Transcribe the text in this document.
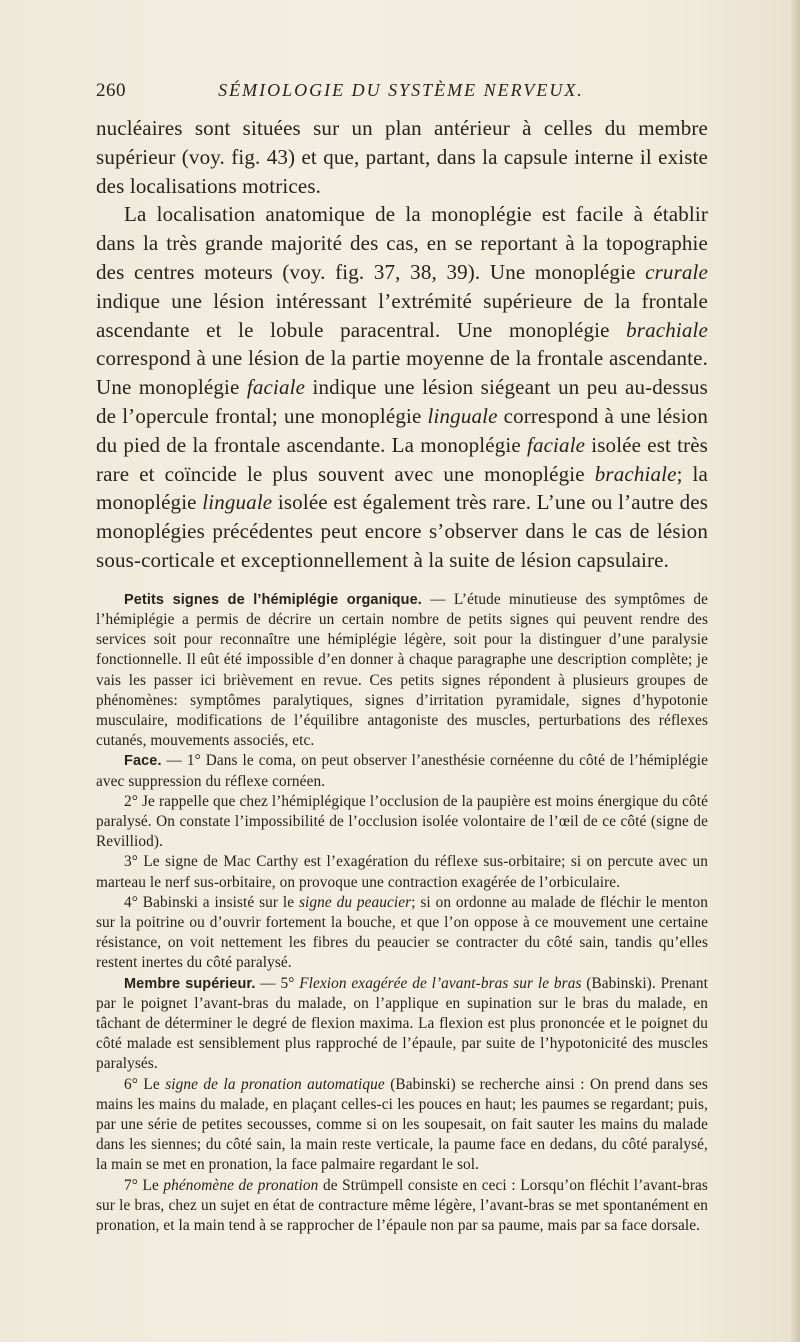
260	SÉMIOLOGIE DU SYSTÈME NERVEUX.

nucléaires sont situées sur un plan antérieur à celles du membre supérieur (voy. fig. 43) et que, partant, dans la capsule interne il existe des localisations motrices.

La localisation anatomique de la monoplégie est facile à établir dans la très grande majorité des cas, en se reportant à la topographie des centres moteurs (voy. fig. 37, 38, 39). Une monoplégie crurale indique une lésion intéressant l’extrémité supérieure de la frontale ascendante et le lobule paracentral. Une monoplégie brachiale correspond à une lésion de la partie moyenne de la frontale ascendante. Une monoplégie faciale indique une lésion siégeant un peu au-dessus de l’opercule frontal; une monoplégie linguale correspond à une lésion du pied de la frontale ascendante. La monoplégie faciale isolée est très rare et coïncide le plus souvent avec une monoplégie brachiale; la monoplégie linguale isolée est également très rare. L’une ou l’autre des monoplégies précédentes peut encore s’observer dans le cas de lésion sous-corticale et exceptionnellement à la suite de lésion capsulaire.

Petits signes de l’hémiplégie organique. — L’étude minutieuse des symptômes de l’hémiplégie a permis de décrire un certain nombre de petits signes qui peuvent rendre des services soit pour reconnaître une hémiplégie légère, soit pour la distinguer d’une paralysie fonctionnelle. Il eût été impossible d’en donner à chaque paragraphe une description complète; je vais les passer ici brièvement en revue. Ces petits signes répondent à plusieurs groupes de phénomènes: symptômes paralytiques, signes d’irritation pyramidale, signes d’hypotonie musculaire, modifications de l’équilibre antagoniste des muscles, perturbations des réflexes cutanés, mouvements associés, etc.

Face. — 1° Dans le coma, on peut observer l’anesthésie cornéenne du côté de l’hémiplégie avec suppression du réflexe cornéen.

2° Je rappelle que chez l’hémiplégique l’occlusion de la paupière est moins énergique du côté paralysé. On constate l’impossibilité de l’occlusion isolée volontaire de l’œil de ce côté (signe de Revilliod).

3° Le signe de Mac Carthy est l’exagération du réflexe sus-orbitaire; si on percute avec un marteau le nerf sus-orbitaire, on provoque une contraction exagérée de l’orbiculaire.

4° Babinski a insisté sur le signe du peaucier; si on ordonne au malade de fléchir le menton sur la poitrine ou d’ouvrir fortement la bouche, et que l’on oppose à ce mouvement une certaine résistance, on voit nettement les fibres du peaucier se contracter du côté sain, tandis qu’elles restent inertes du côté paralysé.

Membre supérieur. — 5° Flexion exagérée de l’avant-bras sur le bras (Babinski). Prenant par le poignet l’avant-bras du malade, on l’applique en supination sur le bras du malade, en tâchant de déterminer le degré de flexion maxima. La flexion est plus prononcée et le poignet du côté malade est sensiblement plus rapproché de l’épaule, par suite de l’hypotonicité des muscles paralysés.

6° Le signe de la pronation automatique (Babinski) se recherche ainsi : On prend dans ses mains les mains du malade, en plaçant celles-ci les pouces en haut; les paumes se regardant; puis, par une série de petites secousses, comme si on les soupesait, on fait sauter les mains du malade dans les siennes; du côté sain, la main reste verticale, la paume face en dedans, du côté paralysé, la main se met en pronation, la face palmaire regardant le sol.

7° Le phénomène de pronation de Strümpell consiste en ceci : Lorsqu’on fléchit l’avant-bras sur le bras, chez un sujet en état de contracture même légère, l’avant-bras se met spontanément en pronation, et la main tend à se rapprocher de l’épaule non par sa paume, mais par sa face dorsale.
